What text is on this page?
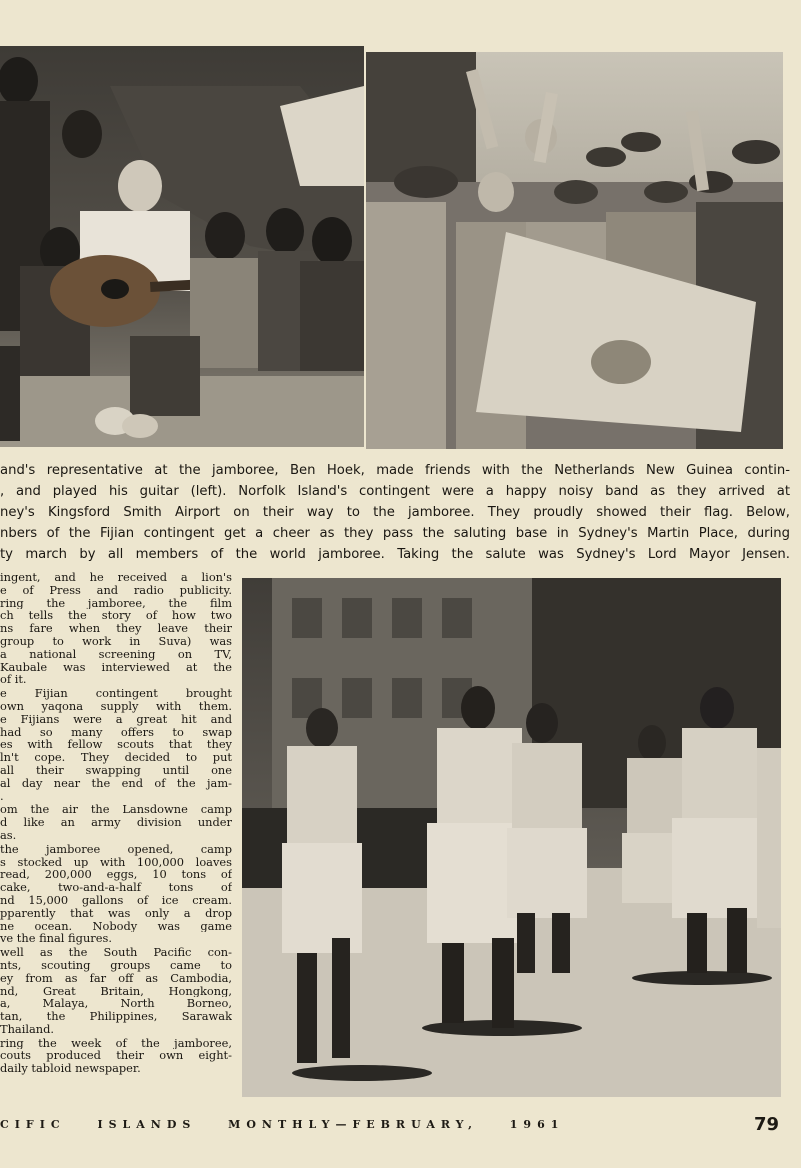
and's representative at the jamboree, Ben Hoek, made friends with the Netherlands New Guinea contin-
, and played his guitar (left). Norfolk Island's contingent were a happy noisy band as they arrived at
ney's Kingsford Smith Airport on their way to the jamboree. They proudly showed their flag. Below,
nbers of the Fijian contingent get a cheer as they pass the saluting base in Sydney's Martin Place, during
ty march by all members of the world jamboree. Taking the salute was Sydney's Lord Mayor Jensen.
ingent, and he received a lion's
e of Press and radio publicity.
ring the jamboree, the film
ch tells the story of how two
ns fare when they leave their
group to work in Suva) was
a national screening on TV,
Kaubale was interviewed at the
of it.
e Fijian contingent brought
own yaqona supply with them.
e Fijians were a great hit and
had so many offers to swap
es with fellow scouts that they
ln't cope. They decided to put
all their swapping until one
al day near the end of the jam-
.
om the air the Lansdowne camp
d like an army division under
as.
the jamboree opened, camp
s stocked up with 100,000 loaves
read, 200,000 eggs, 10 tons of
cake, two-and-a-half tons of
nd 15,000 gallons of ice cream.
pparently that was only a drop
ne ocean. Nobody was game
ve the final figures.
well as the South Pacific con-
nts, scouting groups came to
ey from as far off as Cambodia,
nd, Great Britain, Hongkong,
a, Malaya, North Borneo,
tan, the Philippines, Sarawak
Thailand.
ring the week of the jamboree,
couts produced their own eight-
daily tabloid newspaper.
CIFIC ISLANDS MONTHLY—FEBRUARY, 1961	79
